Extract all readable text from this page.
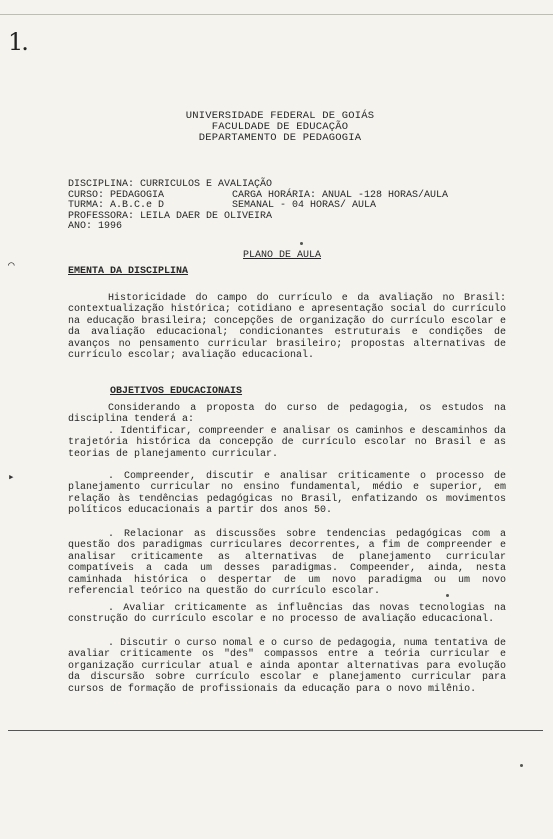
1.
UNIVERSIDADE FEDERAL DE GOIÁS
FACULDADE DE EDUCAÇÃO
DEPARTAMENTO DE PEDAGOGIA
DISCIPLINA: CURRICULOS E AVALIAÇÃO
CURSO: PEDAGOGIA	CARGA HORÁRIA: ANUAL -128 HORAS/AULA
TURMA: A.B.C.e D	SEMANAL - 04 HORAS/ AULA
PROFESSORA: LEILA DAER DE OLIVEIRA
ANO: 1996
PLANO DE AULA
EMENTA DA DISCIPLINA
Historicidade do campo do currículo e da avaliação no Brasil: contextualização histórica; cotidiano e apresentação social do currículo na educação brasileira; concepções de organização do currículo escolar e da avaliação educacional; condicionantes estruturais e condições de avanços no pensamento curricular brasileiro; propostas alternativas de currículo escolar; avaliação educacional.
OBJETIVOS EDUCACIONAIS
Considerando a proposta do curso de pedagogia, os estudos na disciplina tenderá a:
. Identificar, compreender e analisar os caminhos e descaminhos da trajetória histórica da concepção de currículo escolar no Brasil e as teorias de planejamento curricular.
. Compreender, discutir e analisar criticamente o processo de planejamento curricular no ensino fundamental, médio e superior, em relação às tendências pedagógicas no Brasil, enfatizando os movimentos políticos educacionais a partir dos anos 50.
. Relacionar as discussões sobre tendencias pedagógicas com a questão dos paradigmas curriculares decorrentes, a fim de compreender e analisar criticamente as alternativas de planejamento curricular compatíveis a cada um desses paradigmas. Compeender, ainda, nesta caminhada histórica o despertar de um novo paradigma ou um novo referencial teórico na questão do currículo escolar.
. Avaliar criticamente as influências das novas tecnologias na construção do currículo escolar e no processo de avaliação educacional.
. Discutir o curso nomal e o curso de pedagogia, numa tentativa de avaliar criticamente os "des" compassos entre a teória curricular e organização curricular atual e ainda apontar alternativas para evolução da discursão sobre currículo escolar e planejamento curricular para cursos de formação de profissionais da educação para o novo milênio.
⌒
▸
